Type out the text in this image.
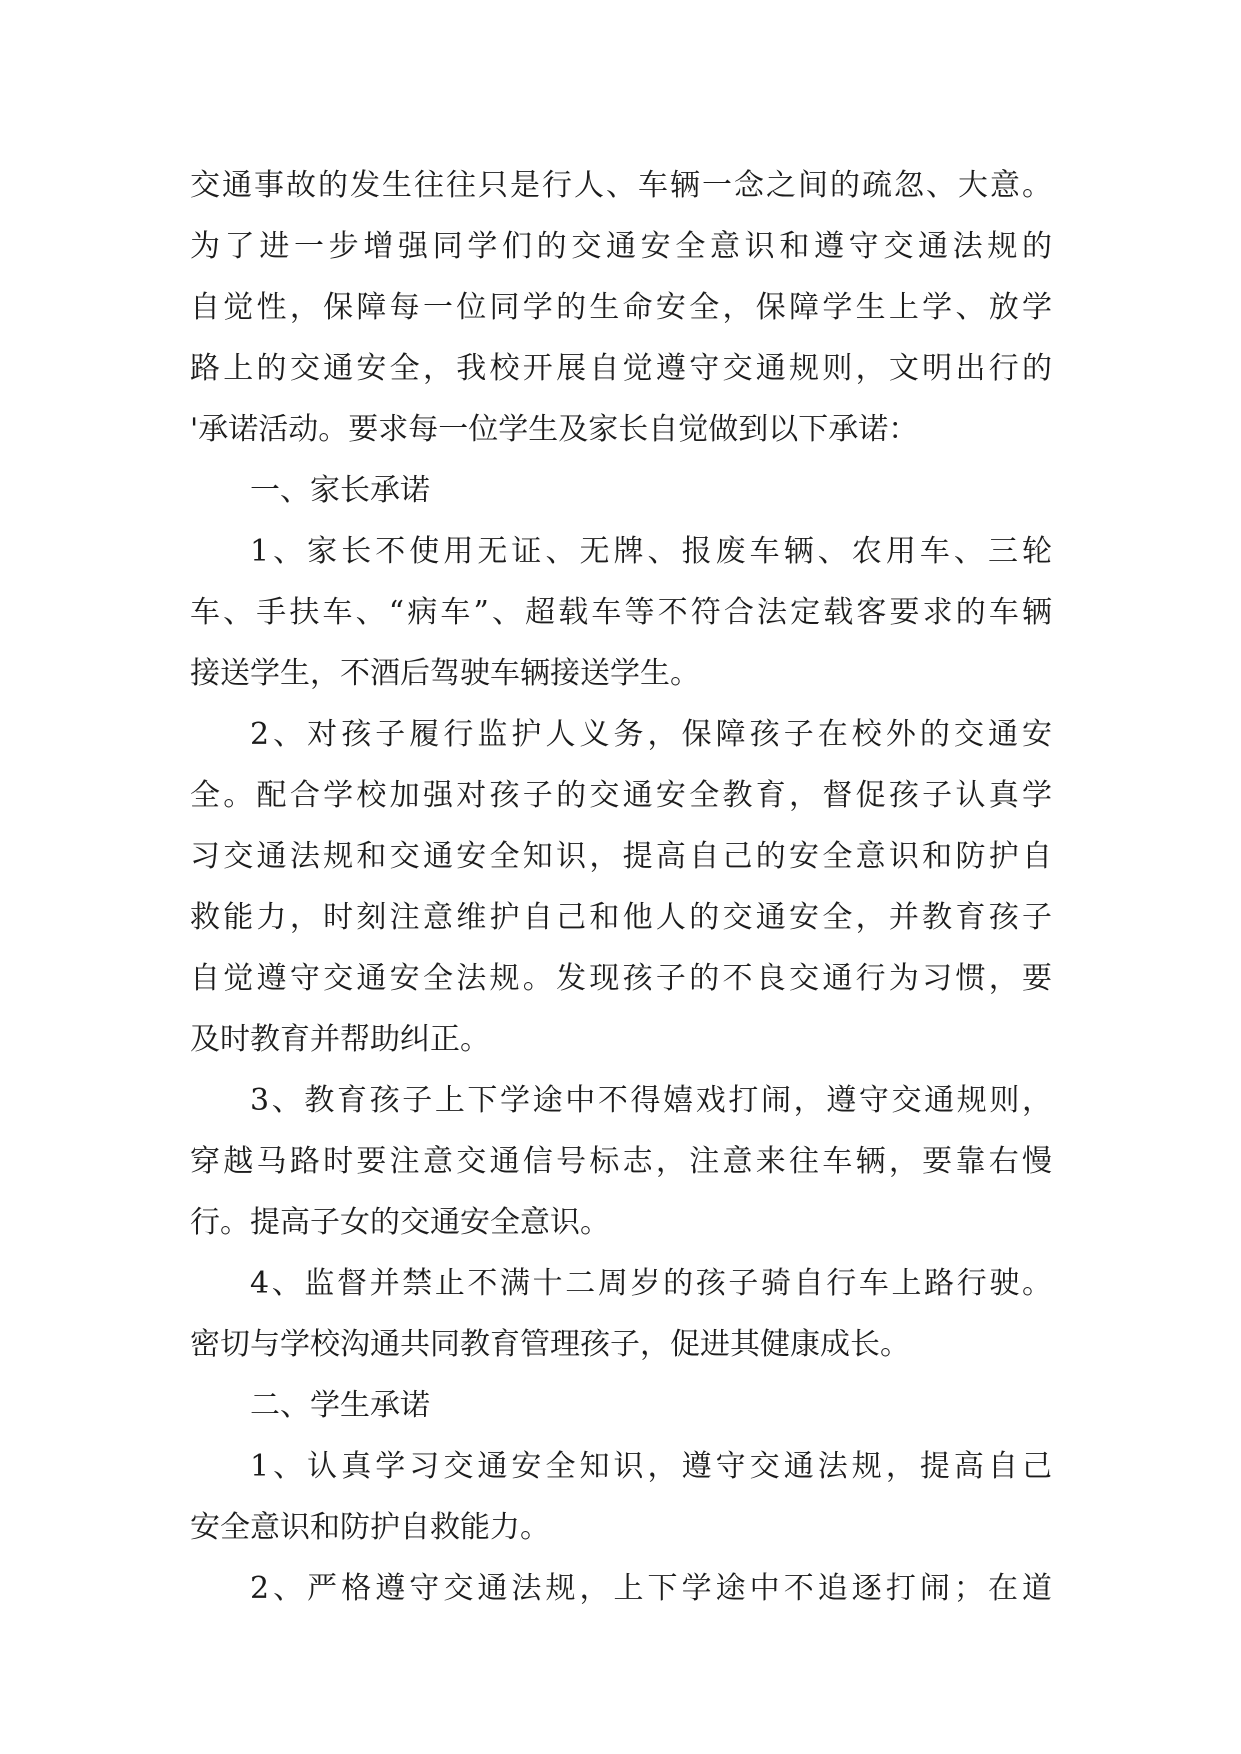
交通事故的发生往往只是行人、车辆一念之间的疏忽、大意。
为了进一步增强同学们的交通安全意识和遵守交通法规的
自觉性，保障每一位同学的生命安全，保障学生上学、放学
路上的交通安全，我校开展自觉遵守交通规则，文明出行的
'承诺活动。要求每一位学生及家长自觉做到以下承诺：
一、家长承诺
1、家长不使用无证、无牌、报废车辆、农用车、三轮
车、手扶车、“病车”、超载车等不符合法定载客要求的车辆
接送学生，不酒后驾驶车辆接送学生。
2、对孩子履行监护人义务，保障孩子在校外的交通安
全。配合学校加强对孩子的交通安全教育，督促孩子认真学
习交通法规和交通安全知识，提高自己的安全意识和防护自
救能力，时刻注意维护自己和他人的交通安全，并教育孩子
自觉遵守交通安全法规。发现孩子的不良交通行为习惯，要
及时教育并帮助纠正。
3、教育孩子上下学途中不得嬉戏打闹，遵守交通规则，
穿越马路时要注意交通信号标志，注意来往车辆，要靠右慢
行。提高子女的交通安全意识。
4、监督并禁止不满十二周岁的孩子骑自行车上路行驶。
密切与学校沟通共同教育管理孩子，促进其健康成长。
二、学生承诺
1、认真学习交通安全知识，遵守交通法规，提高自己
安全意识和防护自救能力。
2、严格遵守交通法规，上下学途中不追逐打闹；在道
